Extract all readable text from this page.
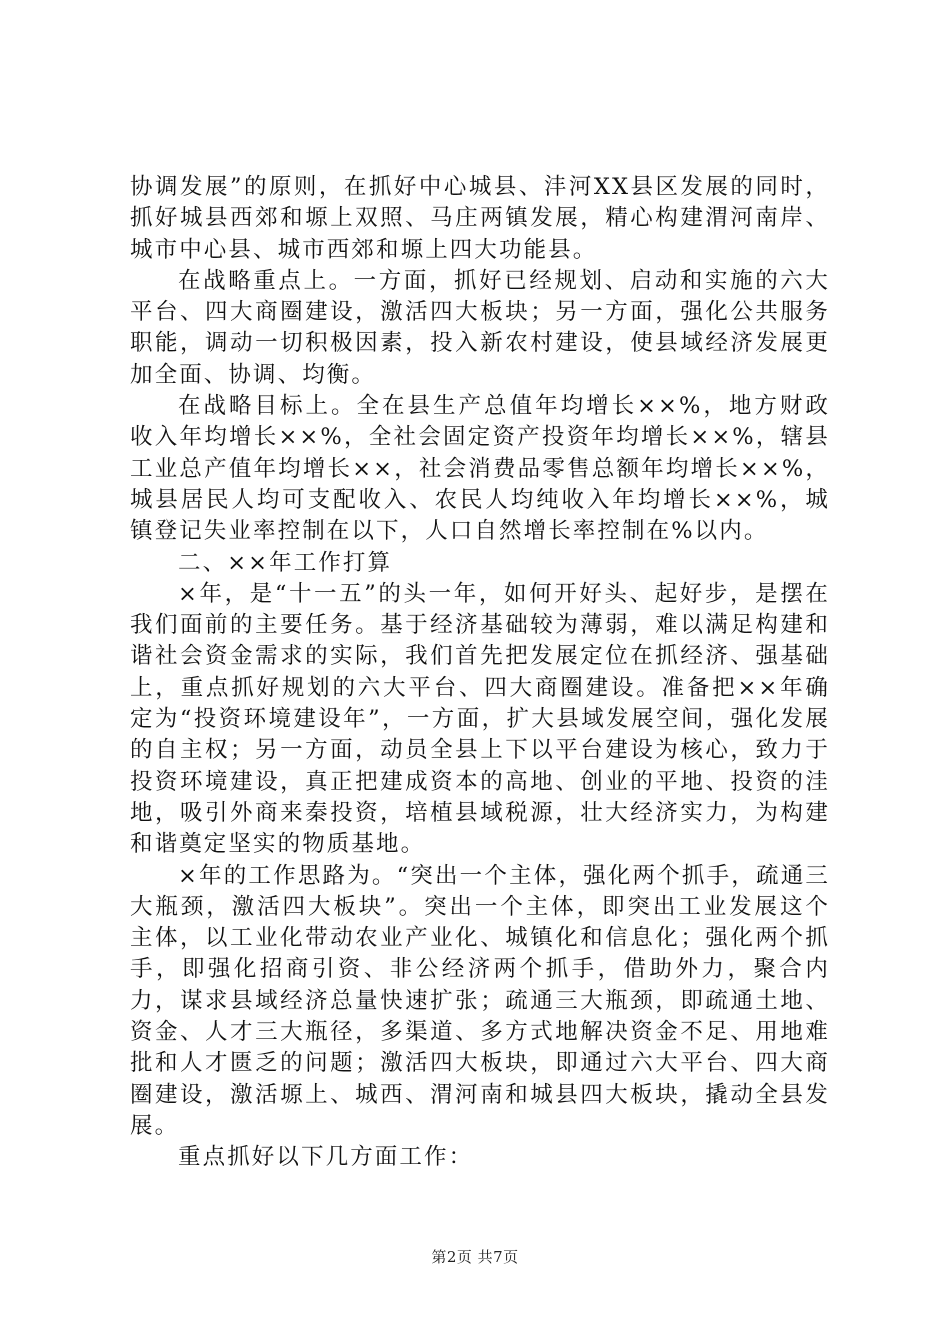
协调发展”的原则，在抓好中心城县、沣河XX县区发展的同时，抓好城县西郊和塬上双照、马庄两镇发展，精心构建渭河南岸、城市中心县、城市西郊和塬上四大功能县。

在战略重点上。一方面，抓好已经规划、启动和实施的六大平台、四大商圈建设，激活四大板块；另一方面，强化公共服务职能，调动一切积极因素，投入新农村建设，使县域经济发展更加全面、协调、均衡。

在战略目标上。全在县生产总值年均增长××%，地方财政收入年均增长××%，全社会固定资产投资年均增长××%，辖县工业总产值年均增长××，社会消费品零售总额年均增长××%，城县居民人均可支配收入、农民人均纯收入年均增长××%，城镇登记失业率控制在以下，人口自然增长率控制在%以内。

二、××年工作打算

×年，是“十一五”的头一年，如何开好头、起好步，是摆在我们面前的主要任务。基于经济基础较为薄弱，难以满足构建和谐社会资金需求的实际，我们首先把发展定位在抓经济、强基础上，重点抓好规划的六大平台、四大商圈建设。准备把××年确定为“投资环境建设年”，一方面，扩大县域发展空间，强化发展的自主权；另一方面，动员全县上下以平台建设为核心，致力于投资环境建设，真正把建成资本的高地、创业的平地、投资的洼地，吸引外商来秦投资，培植县域税源，壮大经济实力，为构建和谐奠定坚实的物质基地。

×年的工作思路为。“突出一个主体，强化两个抓手，疏通三大瓶颈，激活四大板块”。突出一个主体，即突出工业发展这个主体，以工业化带动农业产业化、城镇化和信息化；强化两个抓手，即强化招商引资、非公经济两个抓手，借助外力，聚合内力，谋求县域经济总量快速扩张；疏通三大瓶颈，即疏通土地、资金、人才三大瓶径，多渠道、多方式地解决资金不足、用地难批和人才匮乏的问题；激活四大板块，即通过六大平台、四大商圈建设，激活塬上、城西、渭河南和城县四大板块，撬动全县发展。

重点抓好以下几方面工作：

第2页 共7页
